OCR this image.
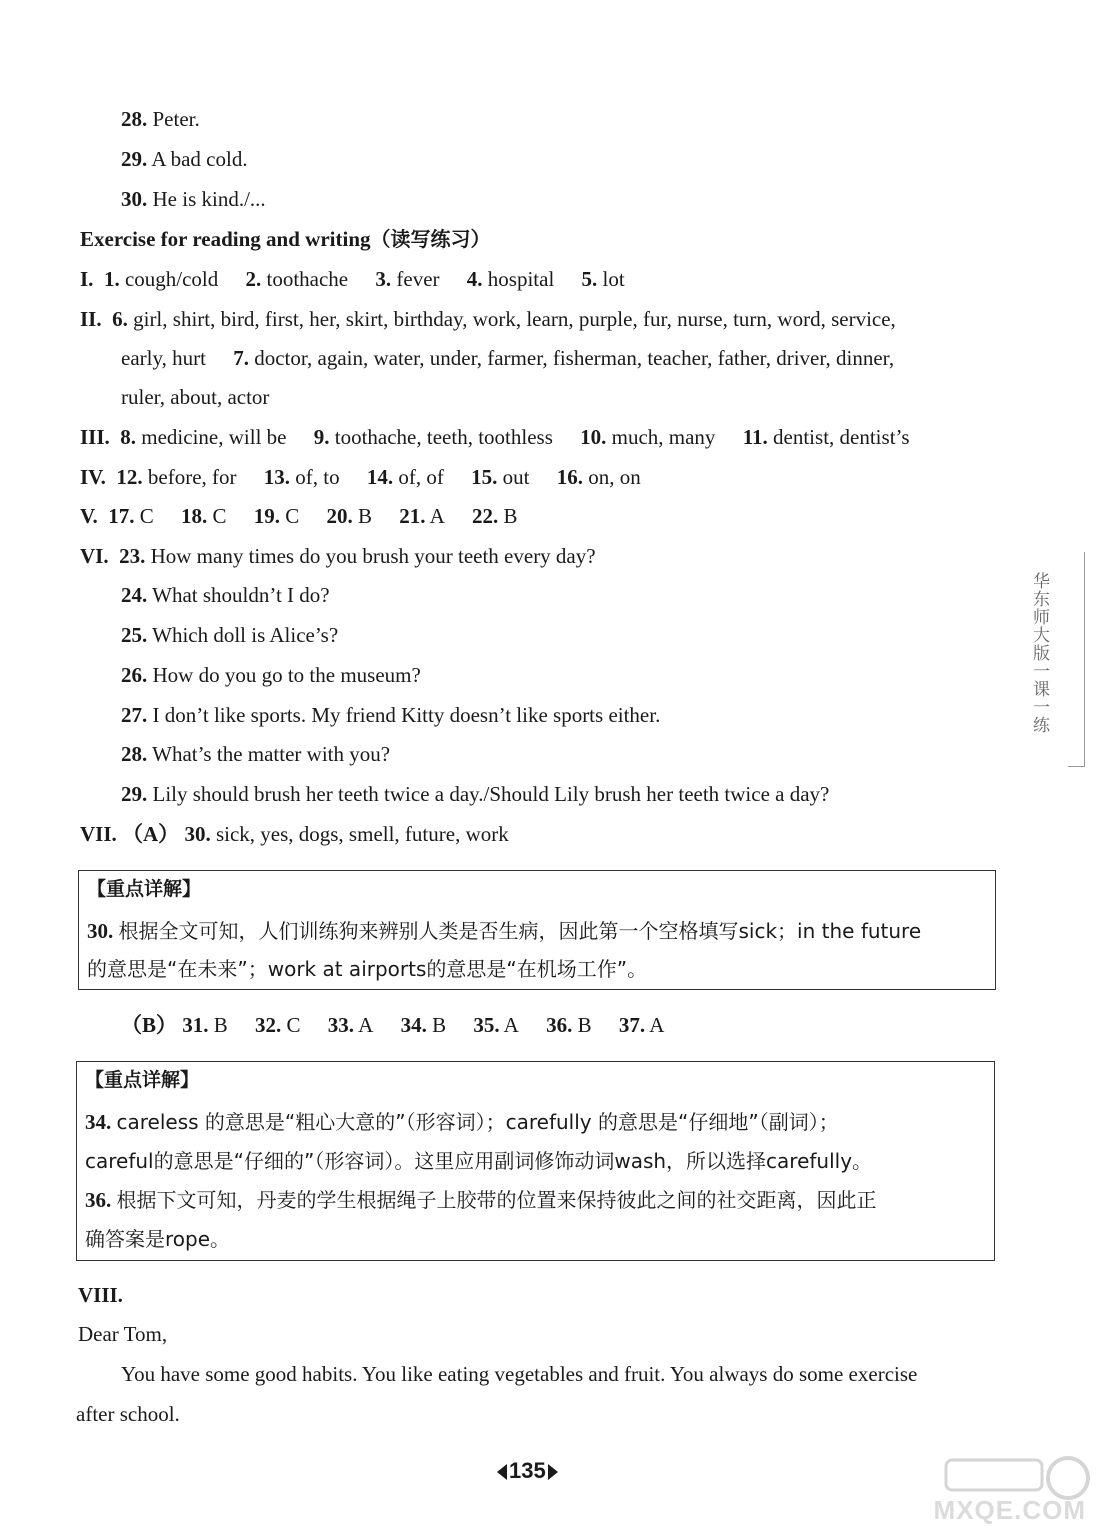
28. Peter.
29. A bad cold.
30. He is kind./...
Exercise for reading and writing（读写练习）
I. 1. cough/cold 2. toothache 3. fever 4. hospital 5. lot
II. 6. girl, shirt, bird, first, her, skirt, birthday, work, learn, purple, fur, nurse, turn, word, service,
early, hurt 7. doctor, again, water, under, farmer, fisherman, teacher, father, driver, dinner,
ruler, about, actor
III. 8. medicine, will be 9. toothache, teeth, toothless 10. much, many 11. dentist, dentist’s
IV. 12. before, for 13. of, to 14. of, of 15. out 16. on, on
V. 17. C 18. C 19. C 20. B 21. A 22. B
VI. 23. How many times do you brush your teeth every day?
24. What shouldn’t I do?
25. Which doll is Alice’s?
26. How do you go to the museum?
27. I don’t like sports. My friend Kitty doesn’t like sports either.
28. What’s the matter with you?
29. Lily should brush her teeth twice a day./Should Lily brush her teeth twice a day?
VII. （A） 30. sick, yes, dogs, smell, future, work
【重点详解】
30. 根据全文可知，人们训练狗来辨别人类是否生病，因此第一个空格填写sick；in the future
的意思是“在未来”；work at airports的意思是“在机场工作”。
（B） 31. B 32. C 33. A 34. B 35. A 36. B 37. A
【重点详解】
34. careless 的意思是“粗心大意的”（形容词）；carefully 的意思是“仔细地”（副词）；
careful的意思是“仔细的”（形容词）。这里应用副词修饰动词wash，所以选择carefully。
36. 根据下文可知，丹麦的学生根据绳子上胶带的位置来保持彼此之间的社交距离，因此正
确答案是rope。
VIII.
Dear Tom,
You have some good habits. You like eating vegetables and fruit. You always do some exercise
after school.
华东师大版一课一练
135
MXQE.COM
